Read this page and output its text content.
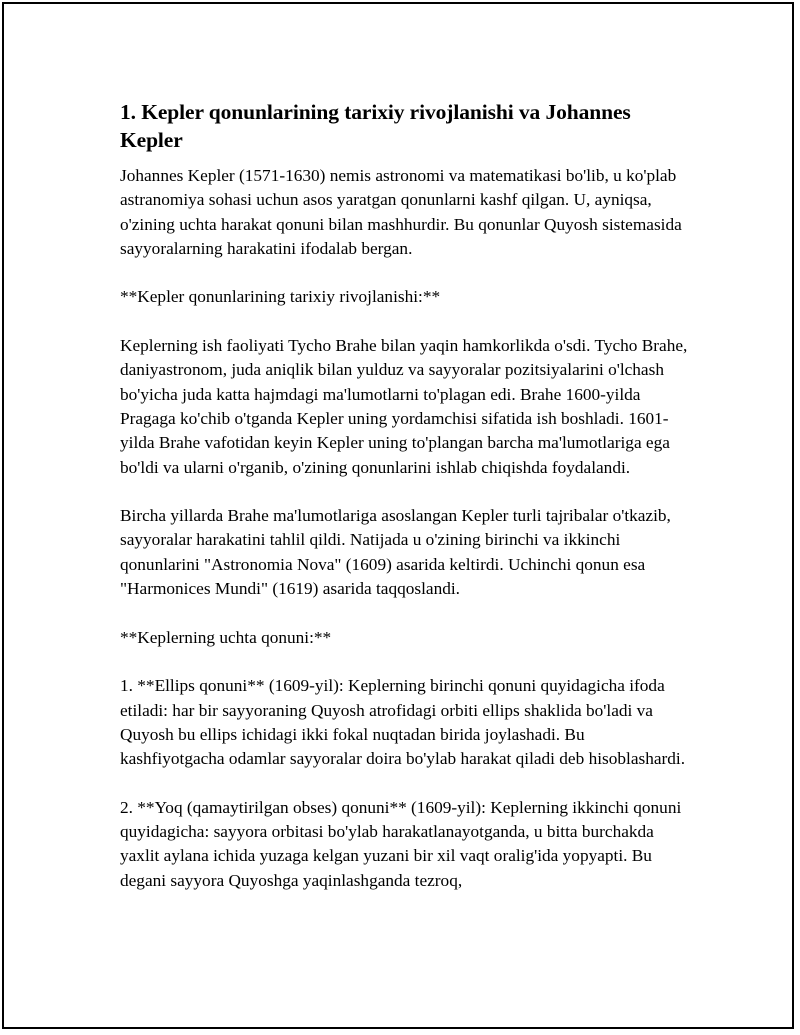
1. Kepler qonunlarining tarixiy rivojlanishi va Johannes Kepler

Johannes Kepler (1571-1630) nemis astronomi va matematikasi bo'lib, u ko'plab astranomiya sohasi uchun asos yaratgan qonunlarni kashf qilgan. U, ayniqsa, o'zining uchta harakat qonuni bilan mashhurdir. Bu qonunlar Quyosh sistemasida sayyoralarning harakatini ifodalab bergan.

**Kepler qonunlarining tarixiy rivojlanishi:**

Keplerning ish faoliyati Tycho Brahe bilan yaqin hamkorlikda o'sdi. Tycho Brahe, daniyastronom, juda aniqlik bilan yulduz va sayyoralar pozitsiyalarini o'lchash bo'yicha juda katta hajmdagi ma'lumotlarni to'plagan edi. Brahe 1600-yilda Pragaga ko'chib o'tganda Kepler uning yordamchisi sifatida ish boshladi. 1601-yilda Brahe vafotidan keyin Kepler uning to'plangan barcha ma'lumotlariga ega bo'ldi va ularni o'rganib, o'zining qonunlarini ishlab chiqishda foydalandi.

Bircha yillarda Brahe ma'lumotlariga asoslangan Kepler turli tajribalar o'tkazib, sayyoralar harakatini tahlil qildi. Natijada u o'zining birinchi va ikkinchi qonunlarini "Astronomia Nova" (1609) asarida keltirdi. Uchinchi qonun esa "Harmonices Mundi" (1619) asarida taqqoslandi.

**Keplerning uchta qonuni:**

1. **Ellips qonuni** (1609-yil): Keplerning birinchi qonuni quyidagicha ifoda etiladi: har bir sayyoraning Quyosh atrofidagi orbiti ellips shaklida bo'ladi va Quyosh bu ellips ichidagi ikki fokal nuqtadan birida joylashadi. Bu kashfiyotgacha odamlar sayyoralar doira bo'ylab harakat qiladi deb hisoblashardi.

2. **Yoq (qamaytirilgan obses) qonuni** (1609-yil): Keplerning ikkinchi qonuni quyidagicha: sayyora orbitasi bo'ylab harakatlanayotganda, u bitta burchakda yaxlit aylana ichida yuzaga kelgan yuzani bir xil vaqt oralig'ida yopyapti. Bu degani sayyora Quyoshga yaqinlashganda tezroq,
